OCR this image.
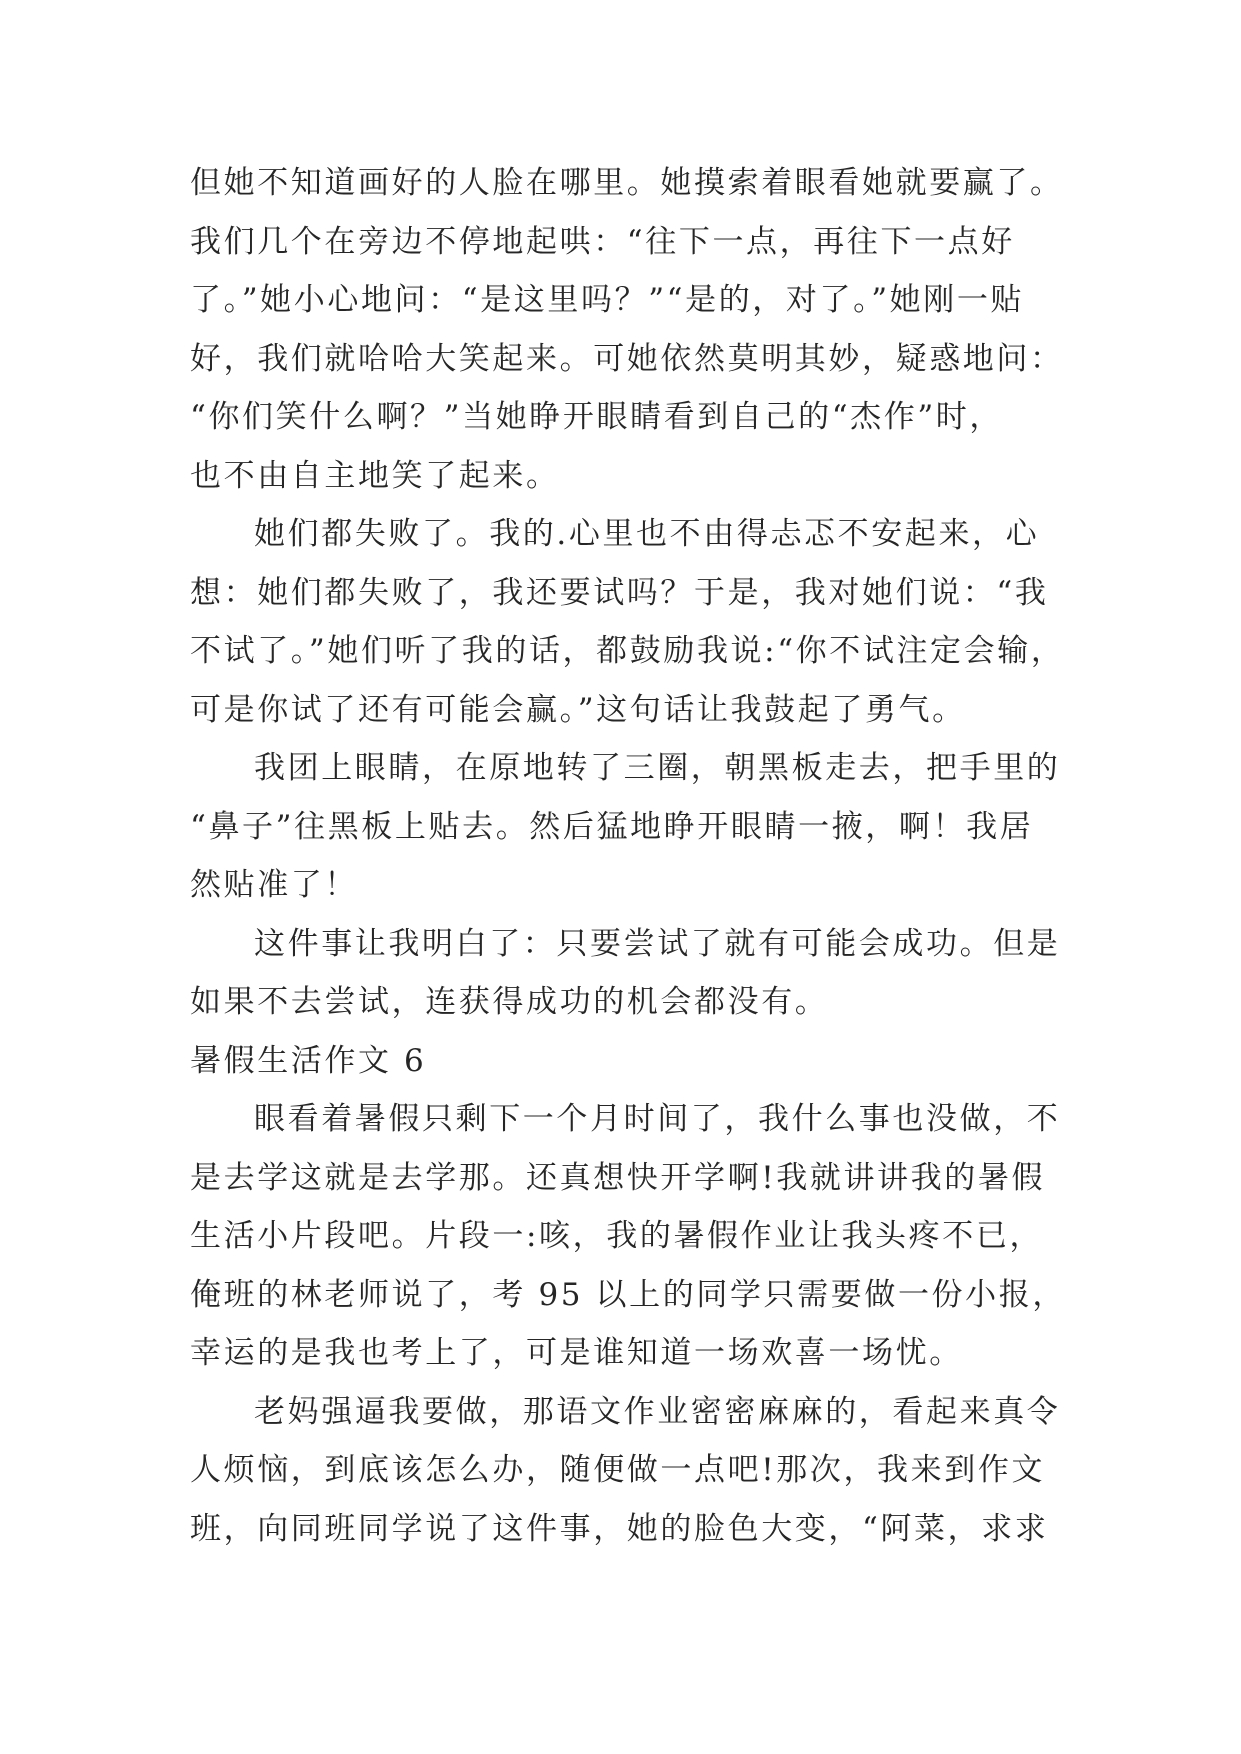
但她不知道画好的人脸在哪里。她摸索着眼看她就要赢了。
我们几个在旁边不停地起哄：“往下一点，再往下一点好
了。”她小心地问：“是这里吗？”“是的，对了。”她刚一贴
好，我们就哈哈大笑起来。可她依然莫明其妙，疑惑地问：
“你们笑什么啊？”当她睁开眼睛看到自己的“杰作”时，
也不由自主地笑了起来。
她们都失败了。我的.心里也不由得忐忑不安起来，心
想：她们都失败了，我还要试吗？于是，我对她们说：“我
不试了。”她们听了我的话，都鼓励我说:“你不试注定会输，
可是你试了还有可能会赢。”这句话让我鼓起了勇气。
我团上眼睛，在原地转了三圈，朝黑板走去，把手里的
“鼻子”往黑板上贴去。然后猛地睁开眼睛一掖，啊！我居
然贴准了！
这件事让我明白了：只要尝试了就有可能会成功。但是
如果不去尝试，连获得成功的机会都没有。
暑假生活作文 6
眼看着暑假只剩下一个月时间了，我什么事也没做，不
是去学这就是去学那。还真想快开学啊!我就讲讲我的暑假
生活小片段吧。片段一:咳，我的暑假作业让我头疼不已，
俺班的林老师说了，考 95 以上的同学只需要做一份小报，
幸运的是我也考上了，可是谁知道一场欢喜一场忧。
老妈强逼我要做，那语文作业密密麻麻的，看起来真令
人烦恼，到底该怎么办，随便做一点吧!那次，我来到作文
班，向同班同学说了这件事，她的脸色大变，“阿菜，求求
